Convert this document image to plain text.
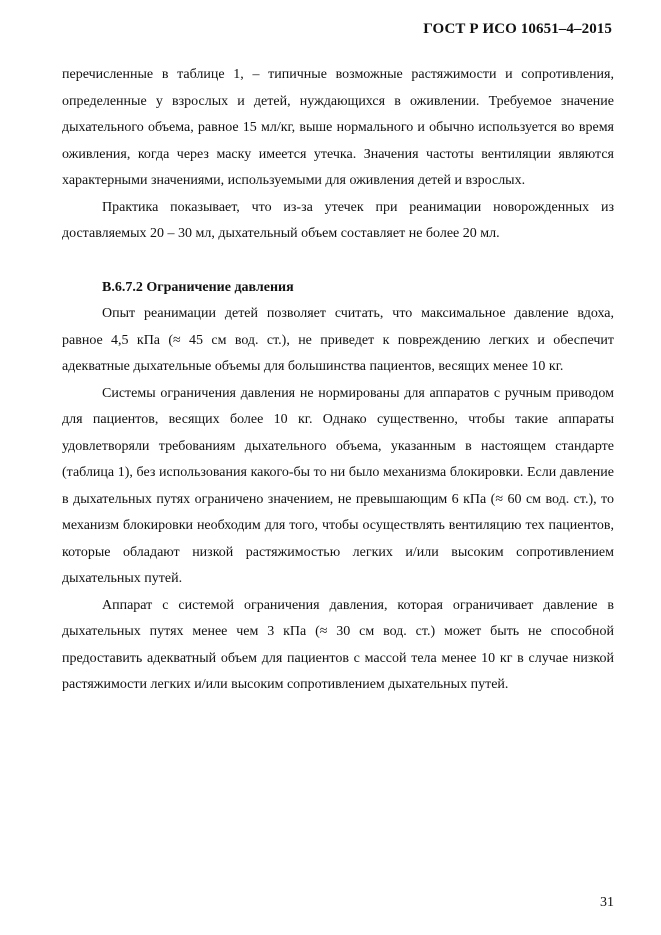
ГОСТ Р ИСО 10651–4–2015

перечисленные в таблице 1, – типичные возможные растяжимости и сопротивления, определенные у взрослых и детей, нуждающихся в оживлении. Требуемое значение дыхательного объема, равное 15 мл/кг, выше нормального и обычно используется во время оживления, когда через маску имеется утечка. Значения частоты вентиляции являются характерными значениями, используемыми для оживления детей и взрослых.

Практика показывает, что из-за утечек при реанимации новорожденных из доставляемых 20 – 30 мл, дыхательный объем составляет не более 20 мл.

В.6.7.2 Ограничение давления

Опыт реанимации детей позволяет считать, что максимальное давление вдоха, равное 4,5 кПа (≈ 45 см вод. ст.), не приведет к повреждению легких и обеспечит адекватные дыхательные объемы для большинства пациентов, весящих менее 10 кг.

Системы ограничения давления не нормированы для аппаратов с ручным приводом для пациентов, весящих более 10 кг. Однако существенно, чтобы такие аппараты удовлетворяли требованиям дыхательного объема, указанным в настоящем стандарте (таблица 1), без использования какого-бы то ни было механизма блокировки. Если давление в дыхательных путях ограничено значением, не превышающим 6 кПа (≈ 60 см вод. ст.), то механизм блокировки необходим для того, чтобы осуществлять вентиляцию тех пациентов, которые обладают низкой растяжимостью легких и/или высоким сопротивлением дыхательных путей.

Аппарат с системой ограничения давления, которая ограничивает давление в дыхательных путях менее чем 3 кПа (≈ 30 см вод. ст.) может быть не способной предоставить адекватный объем для пациентов с массой тела менее 10 кг в случае низкой растяжимости легких и/или высоким сопротивлением дыхательных путей.

31
